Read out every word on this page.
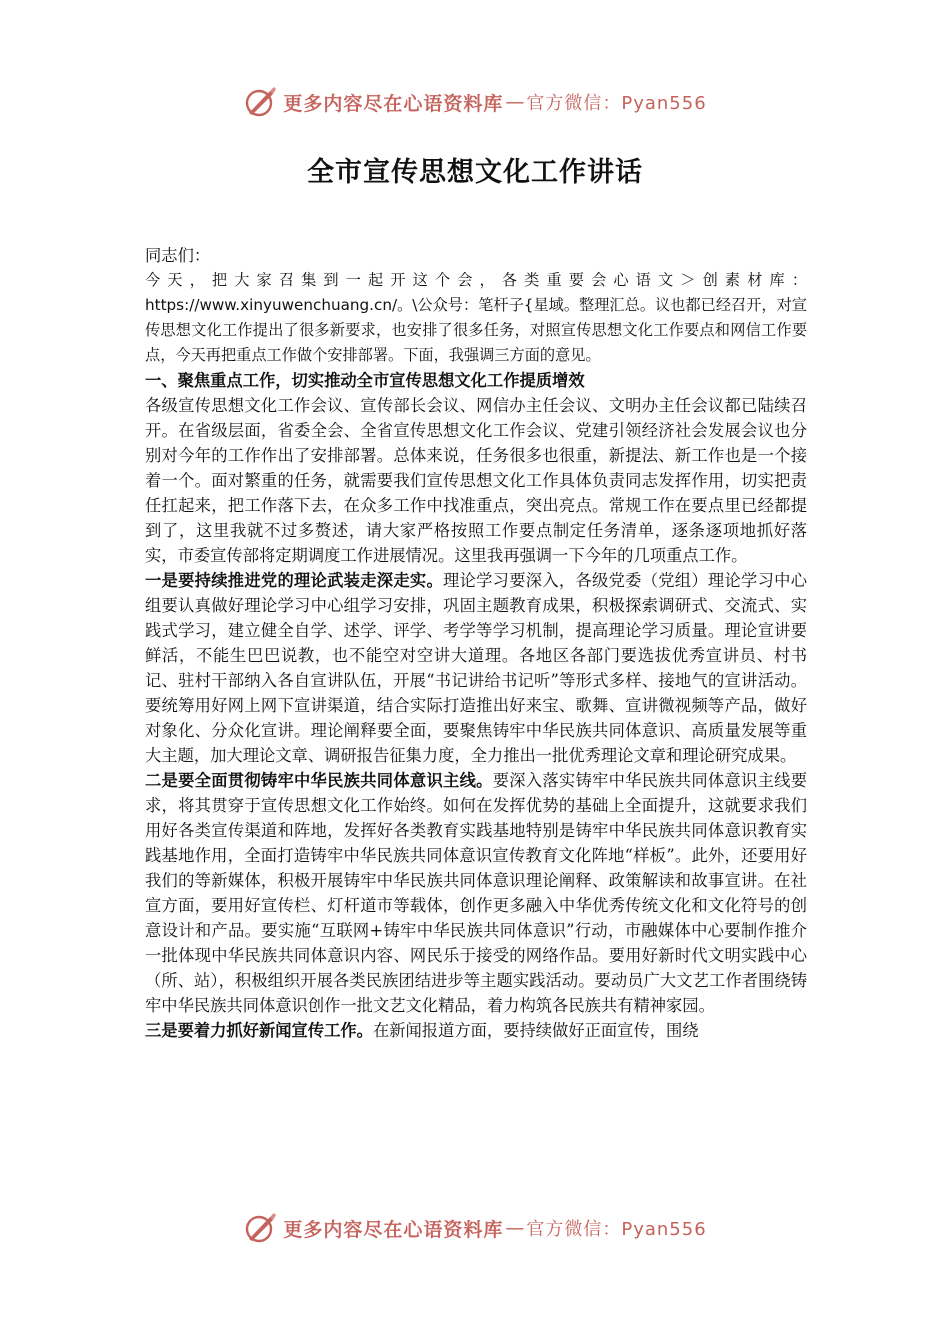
更多内容尽在心语资料库 — 官方微信：Pyan556
全市宣传思想文化工作讲话

同志们：

今天，把大家召集到一起开这个会，各类重要会心语文＞创素材库：https://www.xinyuwenchuang.cn/。\公众号：笔杆子{星域。整理汇总。议也都已经召开，对宣传思想文化工作提出了很多新要求，也安排了很多任务，对照宣传思想文化工作要点和网信工作要点，今天再把重点工作做个安排部署。下面，我强调三方面的意见。

一、聚焦重点工作，切实推动全市宣传思想文化工作提质增效

各级宣传思想文化工作会议、宣传部长会议、网信办主任会议、文明办主任会议都已陆续召开。在省级层面，省委全会、全省宣传思想文化工作会议、党建引领经济社会发展会议也分别对今年的工作作出了安排部署。总体来说，任务很多也很重，新提法、新工作也是一个接着一个。面对繁重的任务，就需要我们宣传思想文化工作具体负责同志发挥作用，切实把责任扛起来，把工作落下去，在众多工作中找准重点，突出亮点。常规工作在要点里已经都提到了，这里我就不过多赘述，请大家严格按照工作要点制定任务清单，逐条逐项地抓好落实，市委宣传部将定期调度工作进展情况。这里我再强调一下今年的几项重点工作。

一是要持续推进党的理论武装走深走实。理论学习要深入，各级党委（党组）理论学习中心组要认真做好理论学习中心组学习安排，巩固主题教育成果，积极探索调研式、交流式、实践式学习，建立健全自学、述学、评学、考学等学习机制，提高理论学习质量。理论宣讲要鲜活，不能生巴巴说教，也不能空对空讲大道理。各地区各部门要选拔优秀宣讲员、村书记、驻村干部纳入各自宣讲队伍，开展“书记讲给书记听”等形式多样、接地气的宣讲活动。要统筹用好网上网下宣讲渠道，结合实际打造推出好来宝、歌舞、宣讲微视频等产品，做好对象化、分众化宣讲。理论阐释要全面，要聚焦铸牢中华民族共同体意识、高质量发展等重大主题，加大理论文章、调研报告征集力度，全力推出一批优秀理论文章和理论研究成果。

二是要全面贯彻铸牢中华民族共同体意识主线。要深入落实铸牢中华民族共同体意识主线要求，将其贯穿于宣传思想文化工作始终。如何在发挥优势的基础上全面提升，这就要求我们用好各类宣传渠道和阵地，发挥好各类教育实践基地特别是铸牢中华民族共同体意识教育实践基地作用，全面打造铸牢中华民族共同体意识宣传教育文化阵地“样板”。此外，还要用好我们的等新媒体，积极开展铸牢中华民族共同体意识理论阐释、政策解读和故事宣讲。在社宣方面，要用好宣传栏、灯杆道市等载体，创作更多融入中华优秀传统文化和文化符号的创意设计和产品。要实施“互联网+铸牢中华民族共同体意识”行动，市融媒体中心要制作推介一批体现中华民族共同体意识内容、网民乐于接受的网络作品。要用好新时代文明实践中心（所、站），积极组织开展各类民族团结进步等主题实践活动。要动员广大文艺工作者围绕铸牢中华民族共同体意识创作一批文艺文化精品，着力构筑各民族共有精神家园。

三是要着力抓好新闻宣传工作。在新闻报道方面，要持续做好正面宣传，围绕

更多内容尽在心语资料库 — 官方微信：Pyan556
